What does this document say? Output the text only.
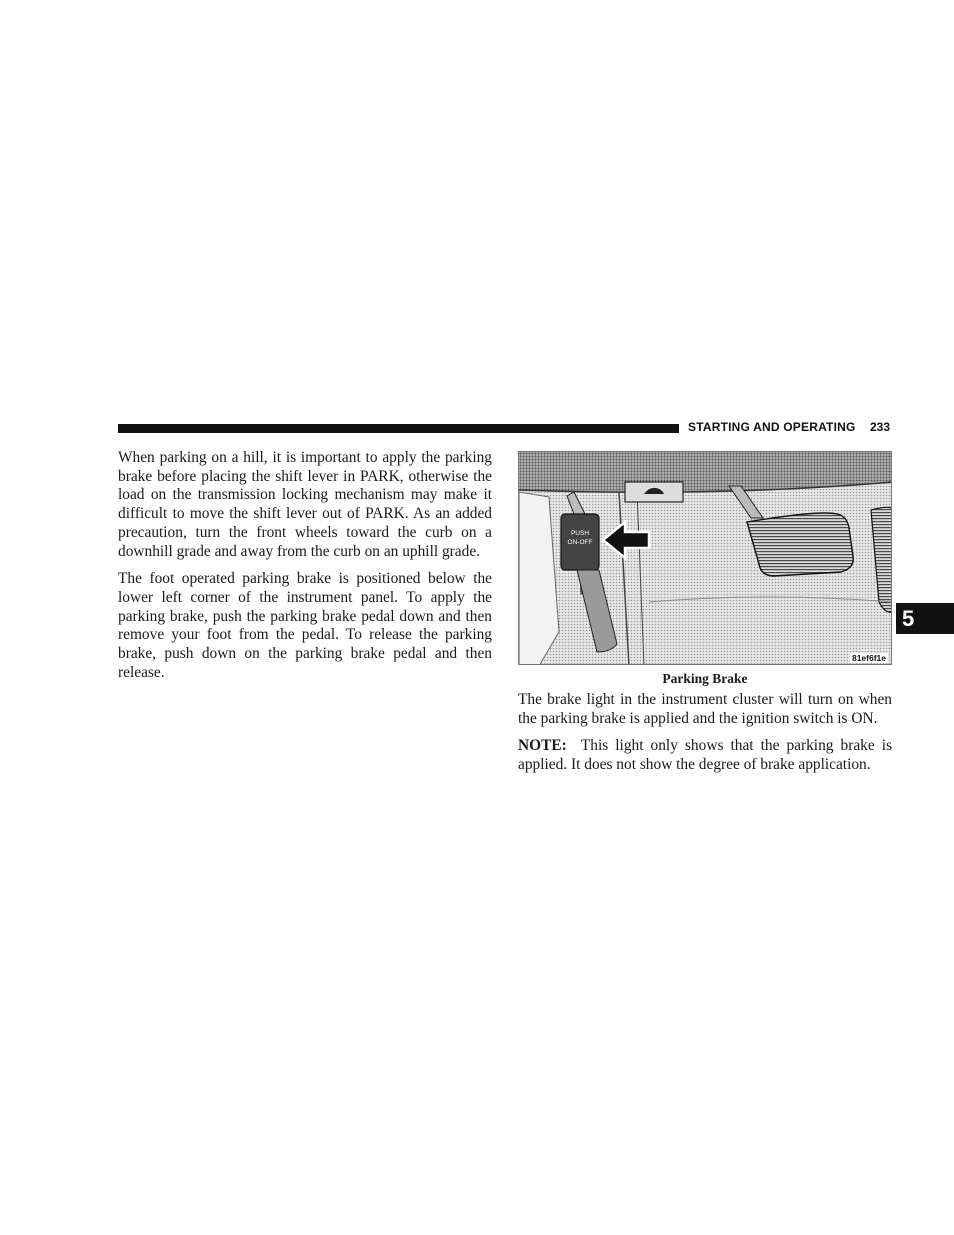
STARTING AND OPERATING 233

When parking on a hill, it is important to apply the parking brake before placing the shift lever in PARK, otherwise the load on the transmission locking mechanism may make it difficult to move the shift lever out of PARK. As an added precaution, turn the front wheels toward the curb on a downhill grade and away from the curb on an uphill grade.

The foot operated parking brake is positioned below the lower left corner of the instrument panel. To apply the parking brake, push the parking brake pedal down and then remove your foot from the pedal. To release the parking brake, push down on the parking brake pedal and then release.

PUSH
ON-OFF
81ef6f1e
Parking Brake

The brake light in the instrument cluster will turn on when the parking brake is applied and the ignition switch is ON.

NOTE: This light only shows that the parking brake is applied. It does not show the degree of brake application.

5
